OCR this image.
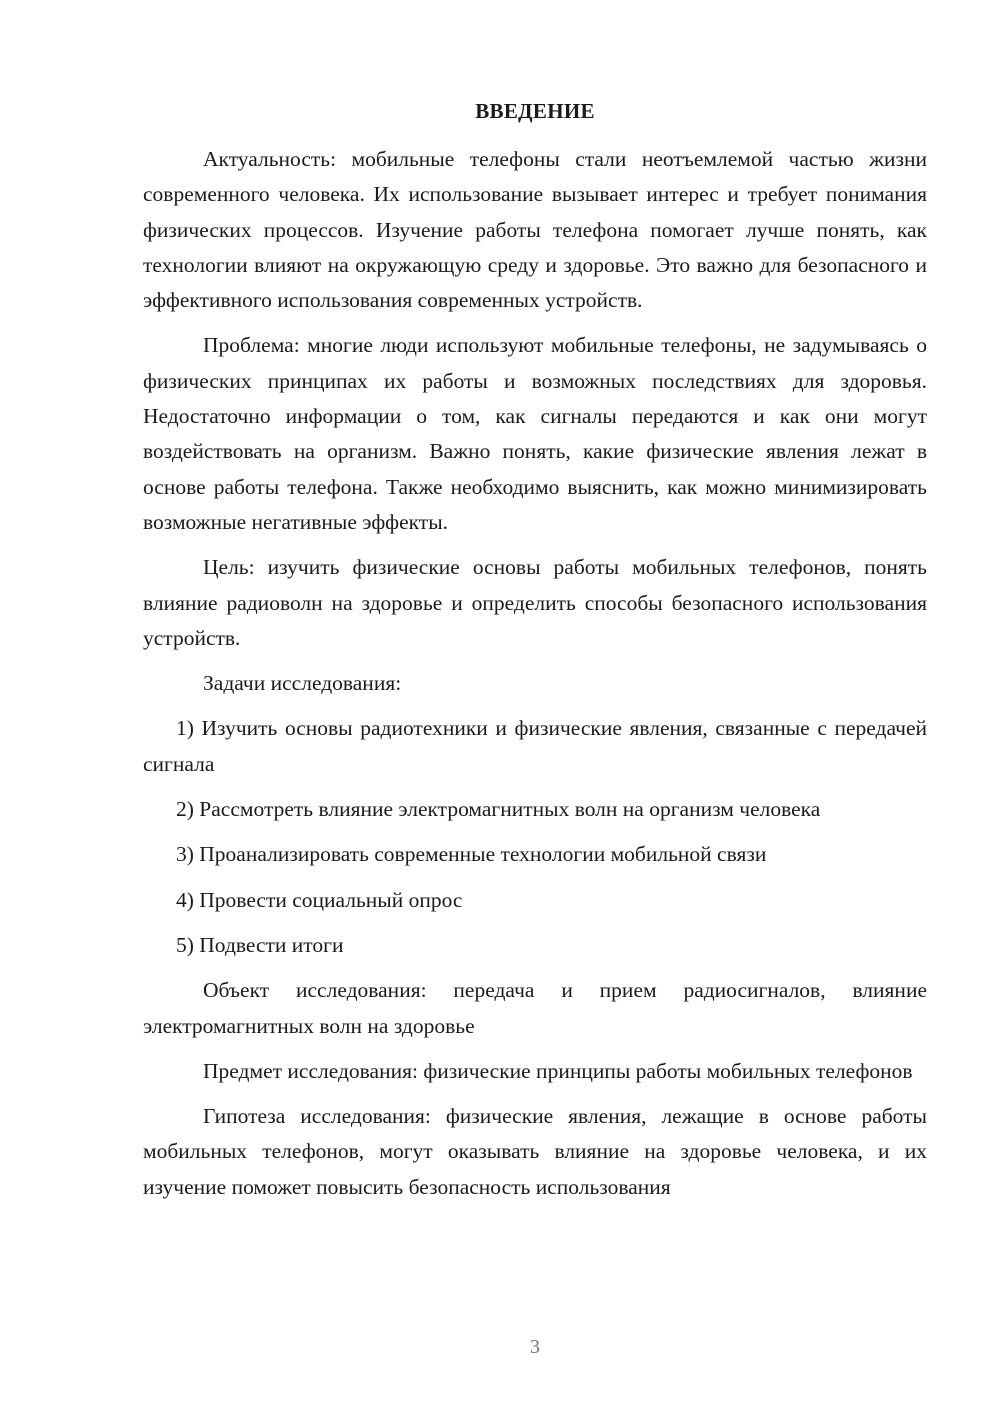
ВВЕДЕНИЕ

Актуальность: мобильные телефоны стали неотъемлемой частью жизни современного человека. Их использование вызывает интерес и требует понимания физических процессов. Изучение работы телефона помогает лучше понять, как технологии влияют на окружающую среду и здоровье. Это важно для безопасного и эффективного использования современных устройств.

Проблема: многие люди используют мобильные телефоны, не задумываясь о физических принципах их работы и возможных последствиях для здоровья. Недостаточно информации о том, как сигналы передаются и как они могут воздействовать на организм. Важно понять, какие физические явления лежат в основе работы телефона. Также необходимо выяснить, как можно минимизировать возможные негативные эффекты.

Цель: изучить физические основы работы мобильных телефонов, понять влияние радиоволн на здоровье и определить способы безопасного использования устройств.

Задачи исследования:

1) Изучить основы радиотехники и физические явления, связанные с передачей сигнала

2) Рассмотреть влияние электромагнитных волн на организм человека

3) Проанализировать современные технологии мобильной связи

4) Провести социальный опрос

5) Подвести итоги

Объект исследования: передача и прием радиосигналов, влияние электромагнитных волн на здоровье

Предмет исследования: физические принципы работы мобильных телефонов

Гипотеза исследования: физические явления, лежащие в основе работы мобильных телефонов, могут оказывать влияние на здоровье человека, и их изучение поможет повысить безопасность использования

3
